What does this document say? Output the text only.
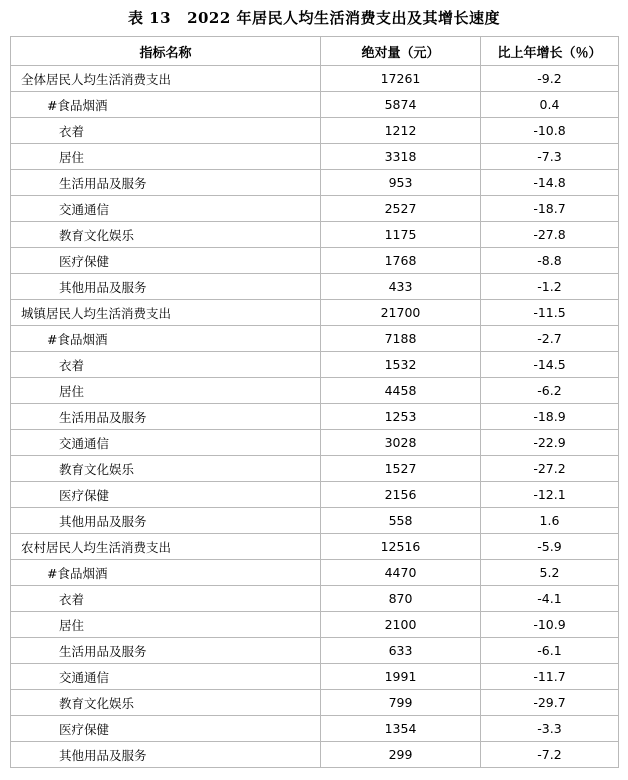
表 13 2022 年居民人均生活消费支出及其增长速度
指标名称	绝对量（元）	比上年增长（％）
全体居民人均生活消费支出	17261	-9.2
#食品烟酒	5874	0.4
衣着	1212	-10.8
居住	3318	-7.3
生活用品及服务	953	-14.8
交通通信	2527	-18.7
教育文化娱乐	1175	-27.8
医疗保健	1768	-8.8
其他用品及服务	433	-1.2
城镇居民人均生活消费支出	21700	-11.5
#食品烟酒	7188	-2.7
衣着	1532	-14.5
居住	4458	-6.2
生活用品及服务	1253	-18.9
交通通信	3028	-22.9
教育文化娱乐	1527	-27.2
医疗保健	2156	-12.1
其他用品及服务	558	1.6
农村居民人均生活消费支出	12516	-5.9
#食品烟酒	4470	5.2
衣着	870	-4.1
居住	2100	-10.9
生活用品及服务	633	-6.1
交通通信	1991	-11.7
教育文化娱乐	799	-29.7
医疗保健	1354	-3.3
其他用品及服务	299	-7.2
